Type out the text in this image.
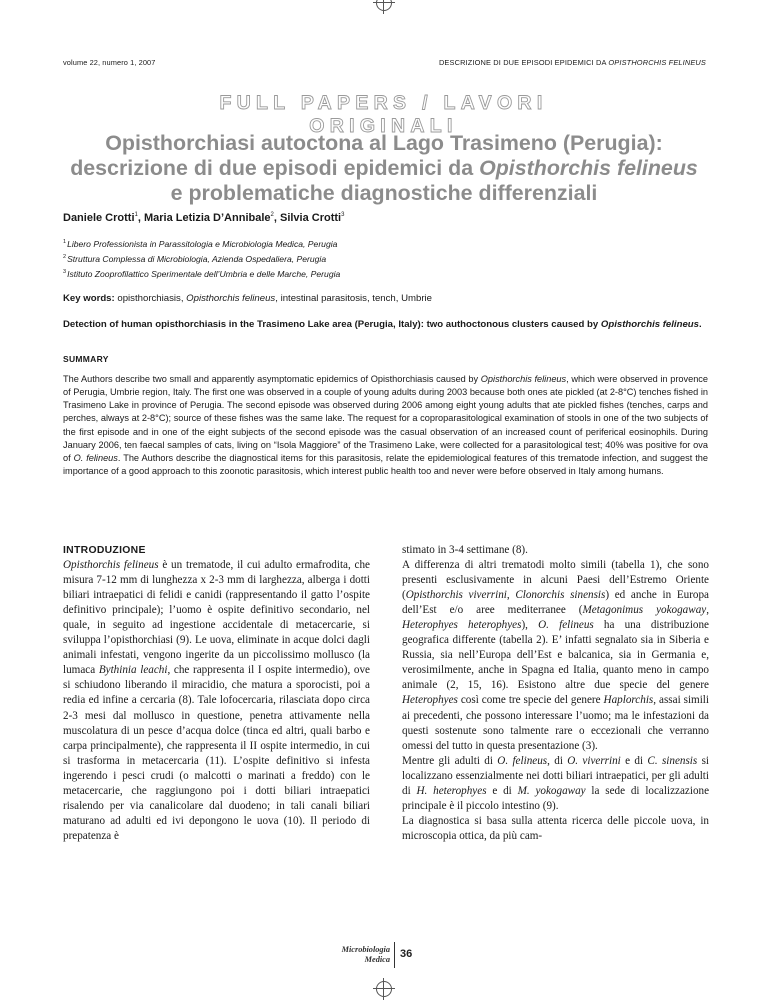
volume 22, numero 1, 2007	DESCRIZIONE DI DUE EPISODI EPIDEMICI DA OPISTHORCHIS FELINEUS
FULL PAPERS / LAVORI ORIGINALI
Opisthorchiasi autoctona al Lago Trasimeno (Perugia):
descrizione di due episodi epidemici da Opisthorchis felineus
e problematiche diagnostiche differenziali
Daniele Crotti$^1$, Maria Letizia D’Annibale$^2$, Silvia Crotti$^3$
$^1$Libero Professionista in Parassitologia e Microbiologia Medica, Perugia
$^2$Struttura Complessa di Microbiologia, Azienda Ospedaliera, Perugia
$^3$Istituto Zooprofilattico Sperimentale dell’Umbria e delle Marche, Perugia
Key words: opisthorchiasis, Opisthorchis felineus, intestinal parasitosis, tench, Umbrie
Detection of human opisthorchiasis in the Trasimeno Lake area (Perugia, Italy): two authoctonous clusters caused by Opisthorchis felineus.
SUMMARY
The Authors describe two small and apparently asymptomatic epidemics of Opisthorchiasis caused by Opisthorchis felineus, which were observed in provence of Perugia, Umbrie region, Italy. The first one was observed in a couple of young adults during 2003 because both ones ate pickled (at 2-8°C) tenches fished in Trasimeno Lake in province of Perugia. The second episode was observed during 2006 among eight young adults that ate pickled fishes (tenches, carps and perches, always at 2-8°C); source of these fishes was the same lake. The request for a coproparasitological examination of stools in one of the two subjects of the first episode and in one of the eight subjects of the second episode was the casual observation of an increased count of periferical eosinophils. During January 2006, ten faecal samples of cats, living on “Isola Maggiore” of the Trasimeno Lake, were collected for a parasitological test; 40% was positive for ova of O. felineus. The Authors describe the diagnostical items for this parasitosis, relate the epidemiological features of this trematode infection, and suggest the importance of a good approach to this zoonotic parasitosis, which interest public health too and never were before observed in Italy among humans.
INTRODUZIONE

Opisthorchis felineus è un trematode, il cui adulto ermafrodita, che misura 7-12 mm di lunghezza x 2-3 mm di larghezza, alberga i dotti biliari intraepatici di felidi e canidi (rappresentando il gatto l’ospite definitivo principale); l’uomo è ospite definitivo secondario, nel quale, in seguito ad ingestione accidentale di metacercarie, si sviluppa l’opisthorchiasi (9). Le uova, eliminate in acque dolci dagli animali infestati, vengono ingerite da un piccolissimo mollusco (la lumaca Bythinia leachi, che rappresenta il I ospite intermedio), ove si schiudono liberando il miracidio, che matura a sporocisti, poi a redia ed infine a cercaria (8). Tale lofocercaria, rilasciata dopo circa 2-3 mesi dal mollusco in questione, penetra attivamente nella muscolatura di un pesce d’acqua dolce (tinca ed altri, quali barbo e carpa principalmente), che rappresenta il II ospite intermedio, in cui si trasforma in metacercaria (11). L’ospite definitivo si infesta ingerendo i pesci crudi (o malcotti o marinati a freddo) con le metacercarie, che raggiungono poi i dotti biliari intraepatici risalendo per via canalicolare dal duodeno; in tali canali biliari maturano ad adulti ed ivi depongono le uova (10). Il periodo di prepatenza è

stimato in 3-4 settimane (8).
A differenza di altri trematodi molto simili (tabella 1), che sono presenti esclusivamente in alcuni Paesi dell’Estremo Oriente (Opisthorchis viverrini, Clonorchis sinensis) ed anche in Europa dell’Est e/o aree mediterranee (Metagonimus yokogaway, Heterophyes heterophyes), O. felineus ha una distribuzione geografica differente (tabella 2). E’ infatti segnalato sia in Siberia e Russia, sia nell’Europa dell’Est e balcanica, sia in Germania e, verosimilmente, anche in Spagna ed Italia, quanto meno in campo animale (2, 15, 16). Esistono altre due specie del genere Heterophyes così come tre specie del genere Haplorchis, assai simili ai precedenti, che possono interessare l’uomo; ma le infestazioni da questi sostenute sono talmente rare o eccezionali che verranno omessi del tutto in questa presentazione (3).
Mentre gli adulti di O. felineus, di O. viverrini e di C. sinensis si localizzano essenzialmente nei dotti biliari intraepatici, per gli adulti di H. heterophyes e di M. yokogaway la sede di localizzazione principale è il piccolo intestino (9).
La diagnostica si basa sulla attenta ricerca delle piccole uova, in microscopia ottica, da più cam-

Microbiologia
Medica 36
